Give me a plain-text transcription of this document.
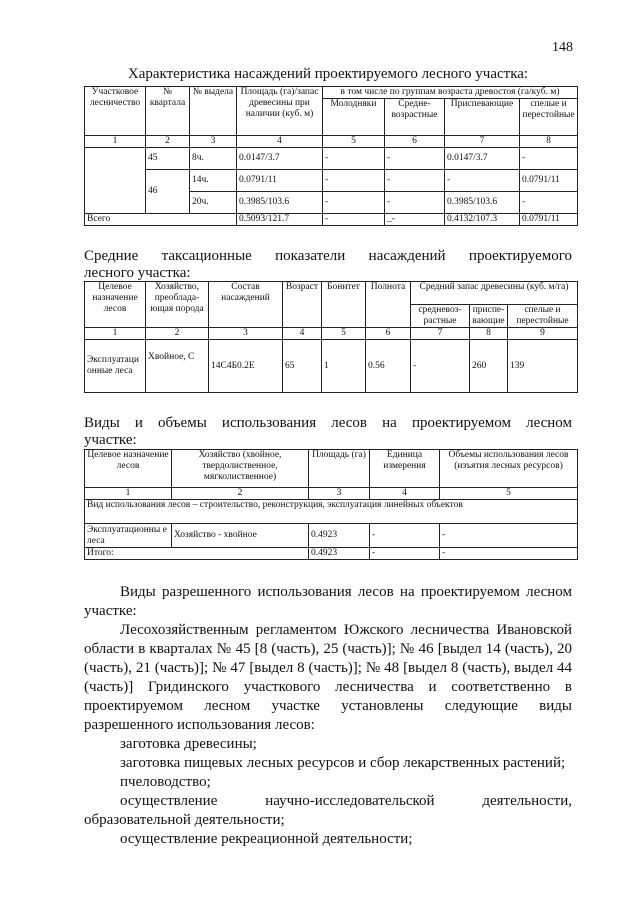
148
Характеристика насаждений проектируемого лесного участка:
Участковое лесничество	№ квартала	№ выдела	Площадь (га)/запас древесины при наличии (куб. м)	в том числе по группам возраста древостоя (га/куб. м)			
				Молодняки	Средне-возрастные	Приспевающие	спелые и перестойные
1	2	3	4	5	6	7	8
	45	8ч.	0.0147/3.7	-	-	0.0147/3.7	-
	46	14ч.	0.0791/11	-	-	-	0.0791/11
		20ч.	0.3985/103.6	-	-	0.3985/103.6	-
Всего			0.5093/121.7	-	_-	0.4132/107.3	0.0791/11
Средние таксационные показатели насаждений проектируемого
лесного участка:
Целевое назначение лесов	Хозяйство, преоблада-ющая порода	Состав насаждений	Возраст	Бонитет	Полнота	Средний запас древесины (куб. м/га)		
						средневоз-растные	приспе-вающие	спелые и перестойные
1	2	3	4	5	6	7	8	9
Эксплуатаци онные леса	Хвойное, С	14С4Б0.2Е	65	1	0.56	-	260	139
Виды и объемы использования лесов на проектируемом лесном
участке:
Целевое назначение лесов	Хозяйство (хвойное, твердолиственное, мягколиственное)	Площадь (га)	Единица измерения	Объемы использования лесов (изъятия лесных ресурсов)
1	2	3	4	5
Вид использования лесов – строительство, реконструкция, эксплуатация линейных объектов				
Эксплуатационны е леса	Хозяйство - хвойное	0.4923	-	-
Итого:		0.4923	-	-

Виды разрешенного использования лесов на проектируемом лесном

участке:

Лесохозяйственным регламентом Южского лесничества Ивановской области в кварталах № 45 [8 (часть), 25 (часть)]; № 46 [выдел 14 (часть), 20 (часть), 21 (часть)]; № 47 [выдел 8 (часть)]; № 48 [выдел 8 (часть), выдел 44 (часть)] Гридинского участкового лесничества и соответственно в проектируемом лесном участке установлены следующие виды разрешенного использования лесов:

заготовка древесины;

заготовка пищевых лесных ресурсов и сбор лекарственных растений;

пчеловодство;

осуществление научно-исследовательской деятельности, образовательной деятельности;

осуществление рекреационной деятельности;
